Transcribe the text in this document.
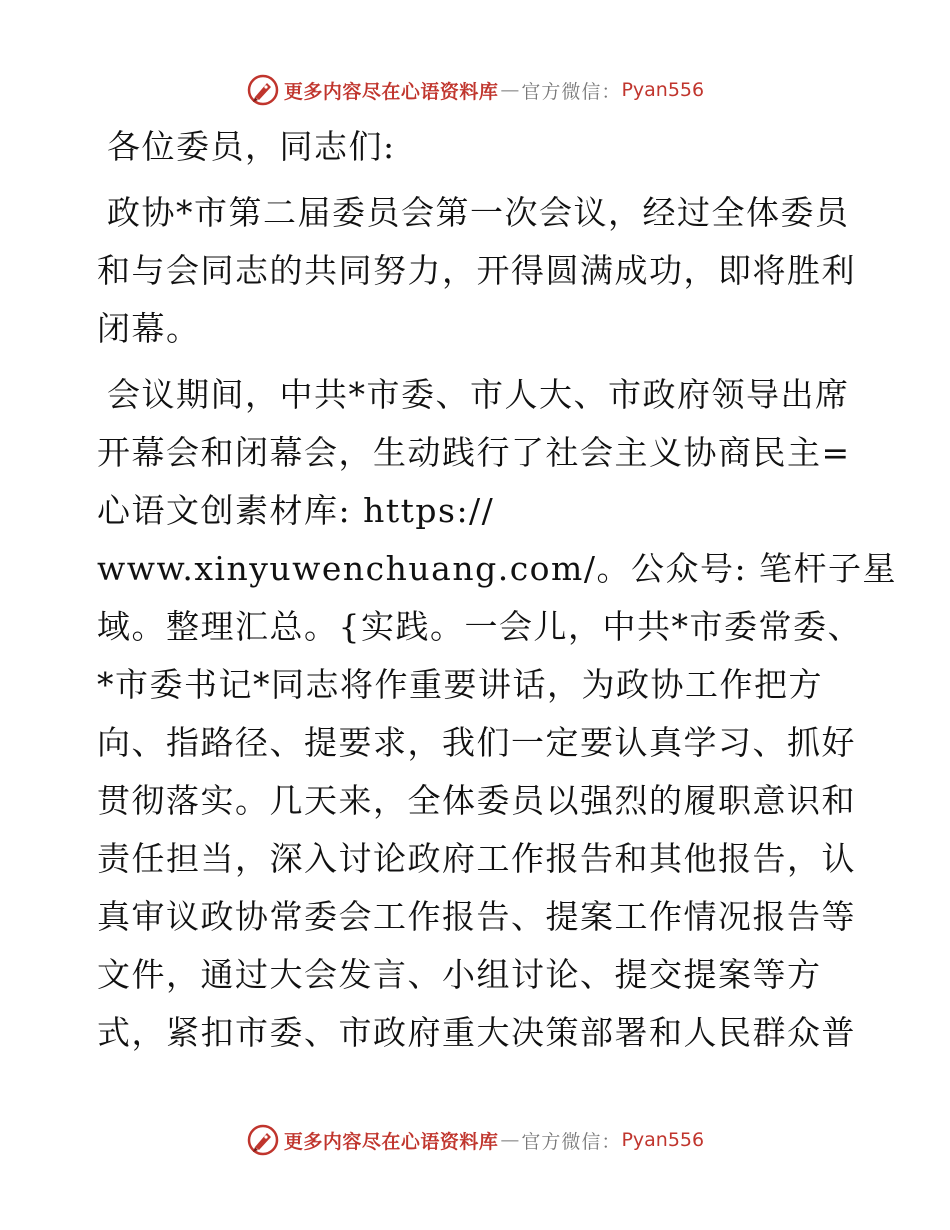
更多内容尽在心语资料库 — 官方微信： Pyan556
各位委员，同志们:
政协*市第二届委员会第一次会议，经过全体委员
和与会同志的共同努力，开得圆满成功，即将胜利
闭幕。
会议期间，中共*市委、市人大、市政府领导出席
开幕会和闭幕会，生动践行了社会主义协商民主=
心语文创素材库: https://
www.xinyuwenchuang.com/。公众号: 笔杆子星
域。整理汇总。{实践。一会儿，中共*市委常委、
*市委书记*同志将作重要讲话，为政协工作把方
向、指路径、提要求，我们一定要认真学习、抓好
贯彻落实。几天来，全体委员以强烈的履职意识和
责任担当，深入讨论政府工作报告和其他报告，认
真审议政协常委会工作报告、提案工作情况报告等
文件，通过大会发言、小组讨论、提交提案等方
式，紧扣市委、市政府重大决策部署和人民群众普
更多内容尽在心语资料库 — 官方微信： Pyan556
